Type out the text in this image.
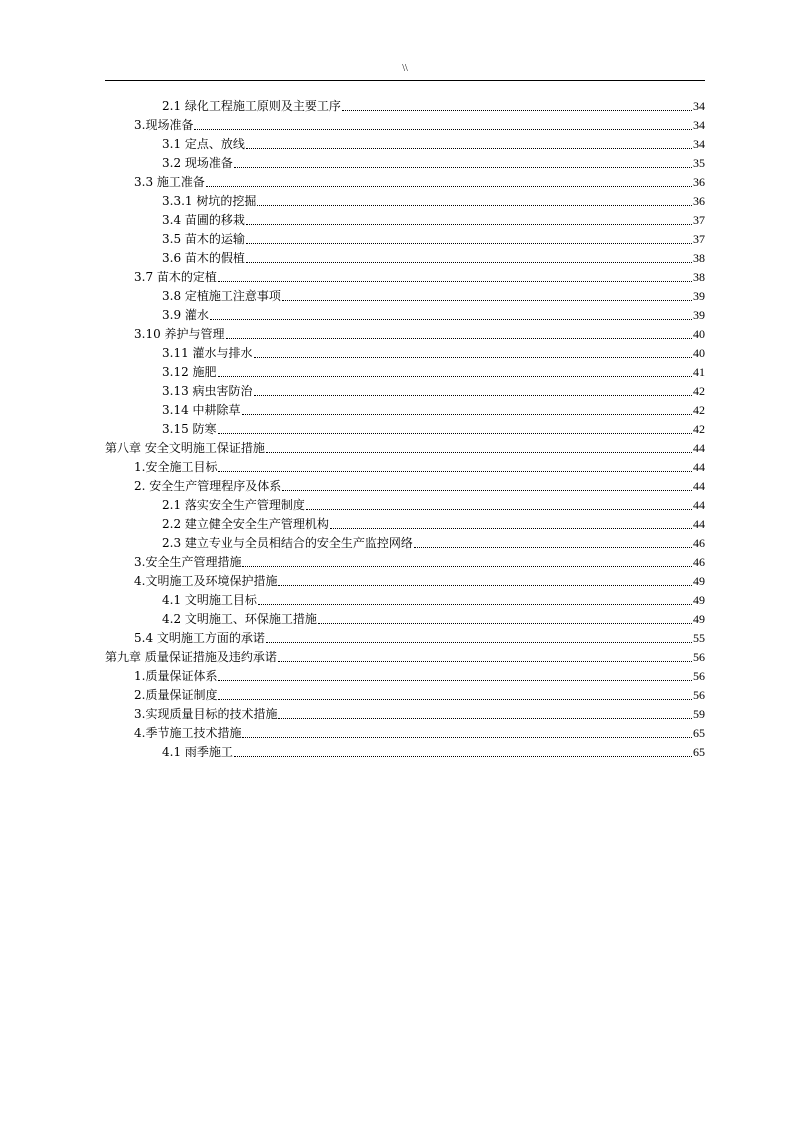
\\
2.1 绿化工程施工原则及主要工序	34
3.现场准备	34
3.1 定点、放线	34
3.2 现场准备	35
3.3 施工准备	36
3.3.1 树坑的挖掘	36
3.4 苗圃的移栽	37
3.5 苗木的运输	37
3.6 苗木的假植	38
3.7 苗木的定植	38
3.8 定植施工注意事项	39
3.9 灌水	39
3.10 养护与管理	40
3.11 灌水与排水	40
3.12 施肥	41
3.13 病虫害防治	42
3.14 中耕除草	42
3.15 防寒	42
第八章 安全文明施工保证措施	44
1.安全施工目标	44
2. 安全生产管理程序及体系	44
2.1 落实安全生产管理制度	44
2.2 建立健全安全生产管理机构	44
2.3 建立专业与全员相结合的安全生产监控网络	46
3.安全生产管理措施	46
4.文明施工及环境保护措施	49
4.1 文明施工目标	49
4.2 文明施工、环保施工措施	49
5.4 文明施工方面的承诺	55
第九章 质量保证措施及违约承诺	56
1.质量保证体系	56
2.质量保证制度	56
3.实现质量目标的技术措施	59
4.季节施工技术措施	65
4.1 雨季施工	65
